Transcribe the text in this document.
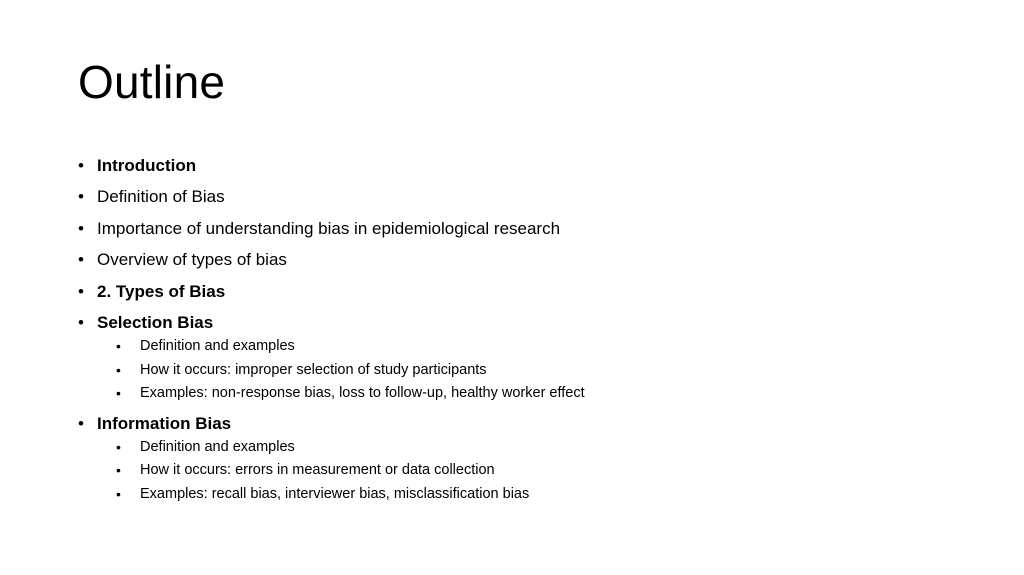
Outline
• Introduction
• Definition of Bias
• Importance of understanding bias in epidemiological research
• Overview of types of bias
• 2. Types of Bias
• Selection Bias
• Definition and examples
• How it occurs: improper selection of study participants
• Examples: non-response bias, loss to follow-up, healthy worker effect
• Information Bias
• Definition and examples
• How it occurs: errors in measurement or data collection
• Examples: recall bias, interviewer bias, misclassification bias
